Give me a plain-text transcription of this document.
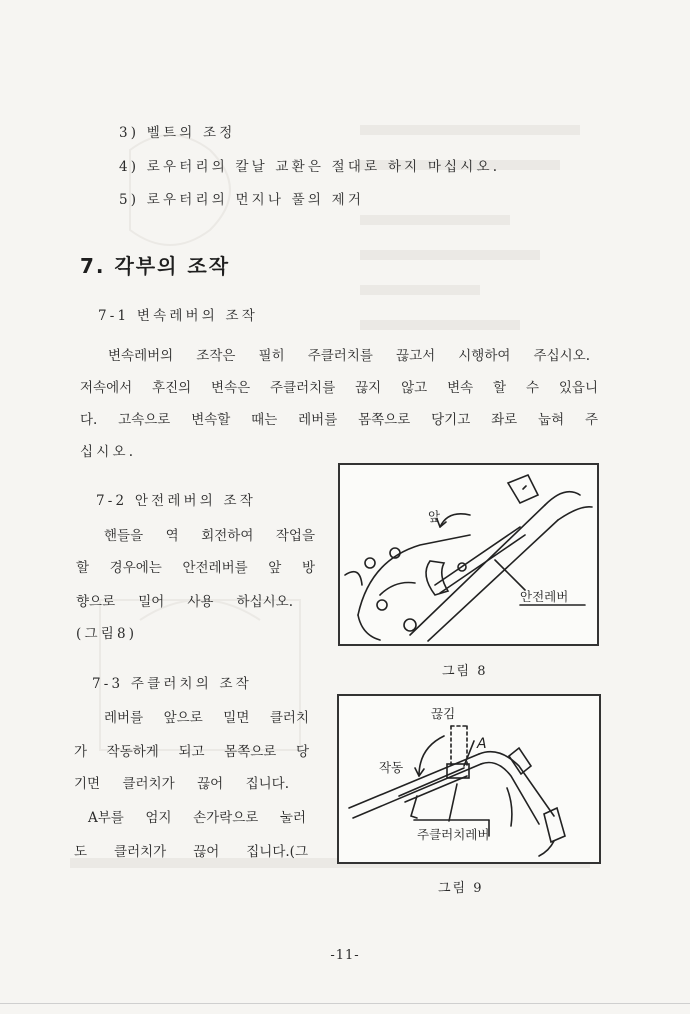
3) 벨트의 조정
4) 로우터리의 칼날 교환은 절대로 하지 마십시오.
5) 로우터리의 먼지나 풀의 제거
7. 각부의 조작
7-1 변속레버의 조작
변속레버의 조작은 필히 주클러치를 끊고서 시행하여 주십시오.
저속에서 후진의 변속은 주클러치를 끊지 않고 변속 할 수 있읍니
다. 고속으로 변속할 때는 레버를 몸쪽으로 당기고 좌로 눕혀 주
십시오.
7-2 안전레버의 조작
핸들을 역 회전하여 작업을
할 경우에는 안전레버를 앞 방
향으로 밀어 사용 하십시오.
(그림8)
7-3 주클러치의 조작
레버를 앞으로 밀면 클러치
가 작동하게 되고 몸쪽으로 당
기면 클러치가 끊어 집니다.
A부를 엄지 손가락으로 눌러
도 클러치가 끊어 집니다.(그
앞
안전레버
그림 8
끊김
A
작동
주클러치레버
그림 9
-11-
